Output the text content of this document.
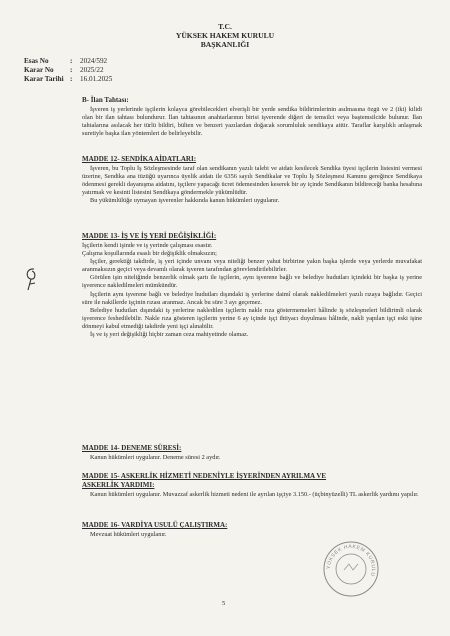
T.C.
YÜKSEK HAKEM KURULU
BAŞKANLIĞI
Esas No	: 2024/592
Karar No : 2025/22
Karar Tarihi : 16.01.2025
B- İlan Tahtası:

İşveren iş yerlerinde işçilerin kolayca görebilecekleri elverişli bir yerde sendika bildirimlerinin asılmasına özgü ve 2 (iki) kilidi olan bir ilan tahtası bulundurur. İlan tahtasının anahtarlarının birisi işverende diğeri de temsilci veya baştemsilcide bulunur. İlan tahtalarına asılacak her türlü bildiri, bülten ve benzeri yazılardan doğacak sorumluluk sendikaya aittir. Taraflar karşılıklı anlaşmak suretiyle başka ilan yöntemleri de belirleyebilir.

MADDE 12- SENDİKA AİDATLARI:

İşveren, bu Toplu İş Sözleşmesinde taraf olan sendikanın yazılı talebi ve aidatı kesilecek Sendika üyesi işçilerin listesini vermesi üzerine, Sendika ana tüzüğü uyarınca üyelik aidatı ile 6356 sayılı Sendikalar ve Toplu İş Sözleşmesi Kanunu gereğince Sendikaya ödenmesi gerekli dayanışma aidatını, işçilere yapacağı ücret ödemesinden keserek bir ay içinde Sendikanın bildireceği banka hesabına yatırmak ve kesinti listesini Sendikaya göndermekle yükümlüdür.

Bu yükümlülüğe uymayan işverenler hakkında kanun hükümleri uygulanır.

MADDE 13- İŞ VE İŞ YERİ DEĞİŞİKLİĞİ:

İşçilerin kendi işinde ve iş yerinde çalışması esastır.

Çalışma koşullarında esaslı bir değişiklik olmaksızın;

İşçiler, gerektiği takdirde, iş yeri içinde unvanı veya niteliği benzer yahut birbirine yakın başka işlerde veya yerlerde muvafakat aranmaksızın geçici veya devamlı olarak işveren tarafından görevlendirilebilirler.

Görülen işin niteliğinde benzerlik olmak şartı ile işçilerin, aynı işverene bağlı ve belediye hudutları içindeki bir başka iş yerine işverence nakledilmeleri mümkündür.

İşçilerin aynı işverene bağlı ve belediye hudutları dışındaki iş yerlerine daimî olarak nakledilmeleri yazılı rızaya bağlıdır. Geçici süre ile nakillerde işçinin rızası aranmaz. Ancak bu süre 3 ayı geçemez.

Belediye hudutları dışındaki iş yerlerine nakledilen işçilerin nakle rıza göstermemeleri hâlinde iş sözleşmeleri bildirimli olarak işverence feshedilebilir. Nakle rıza gösteren işçilerin yerine 6 ay içinde işçi ihtiyacı duyulması hâlinde, nakli yapılan işçi eski işine dönmeyi kabul etmediği takdirde yeni işçi alınabilir.

İş ve iş yeri değişikliği hiçbir zaman ceza mahiyetinde olamaz.

MADDE 14- DENEME SÜRESİ:

Kanun hükümleri uygulanır. Deneme süresi 2 aydır.

MADDE 15- ASKERLİK HİZMETİ NEDENİYLE İŞYERİNDEN AYRILMA VE
ASKERLİK YARDIMI:

Kanun hükümleri uygulanır. Muvazzaf askerlik hizmeti nedeni ile ayrılan işçiye 3.150.- (üçbinyüzelli) TL askerlik yardımı yapılır.

MADDE 16- VARDİYA USULÜ ÇALIŞTIRMA:

Mevzuat hükümleri uygulanır.

YÜKSEK HAKEM KURULU
5
